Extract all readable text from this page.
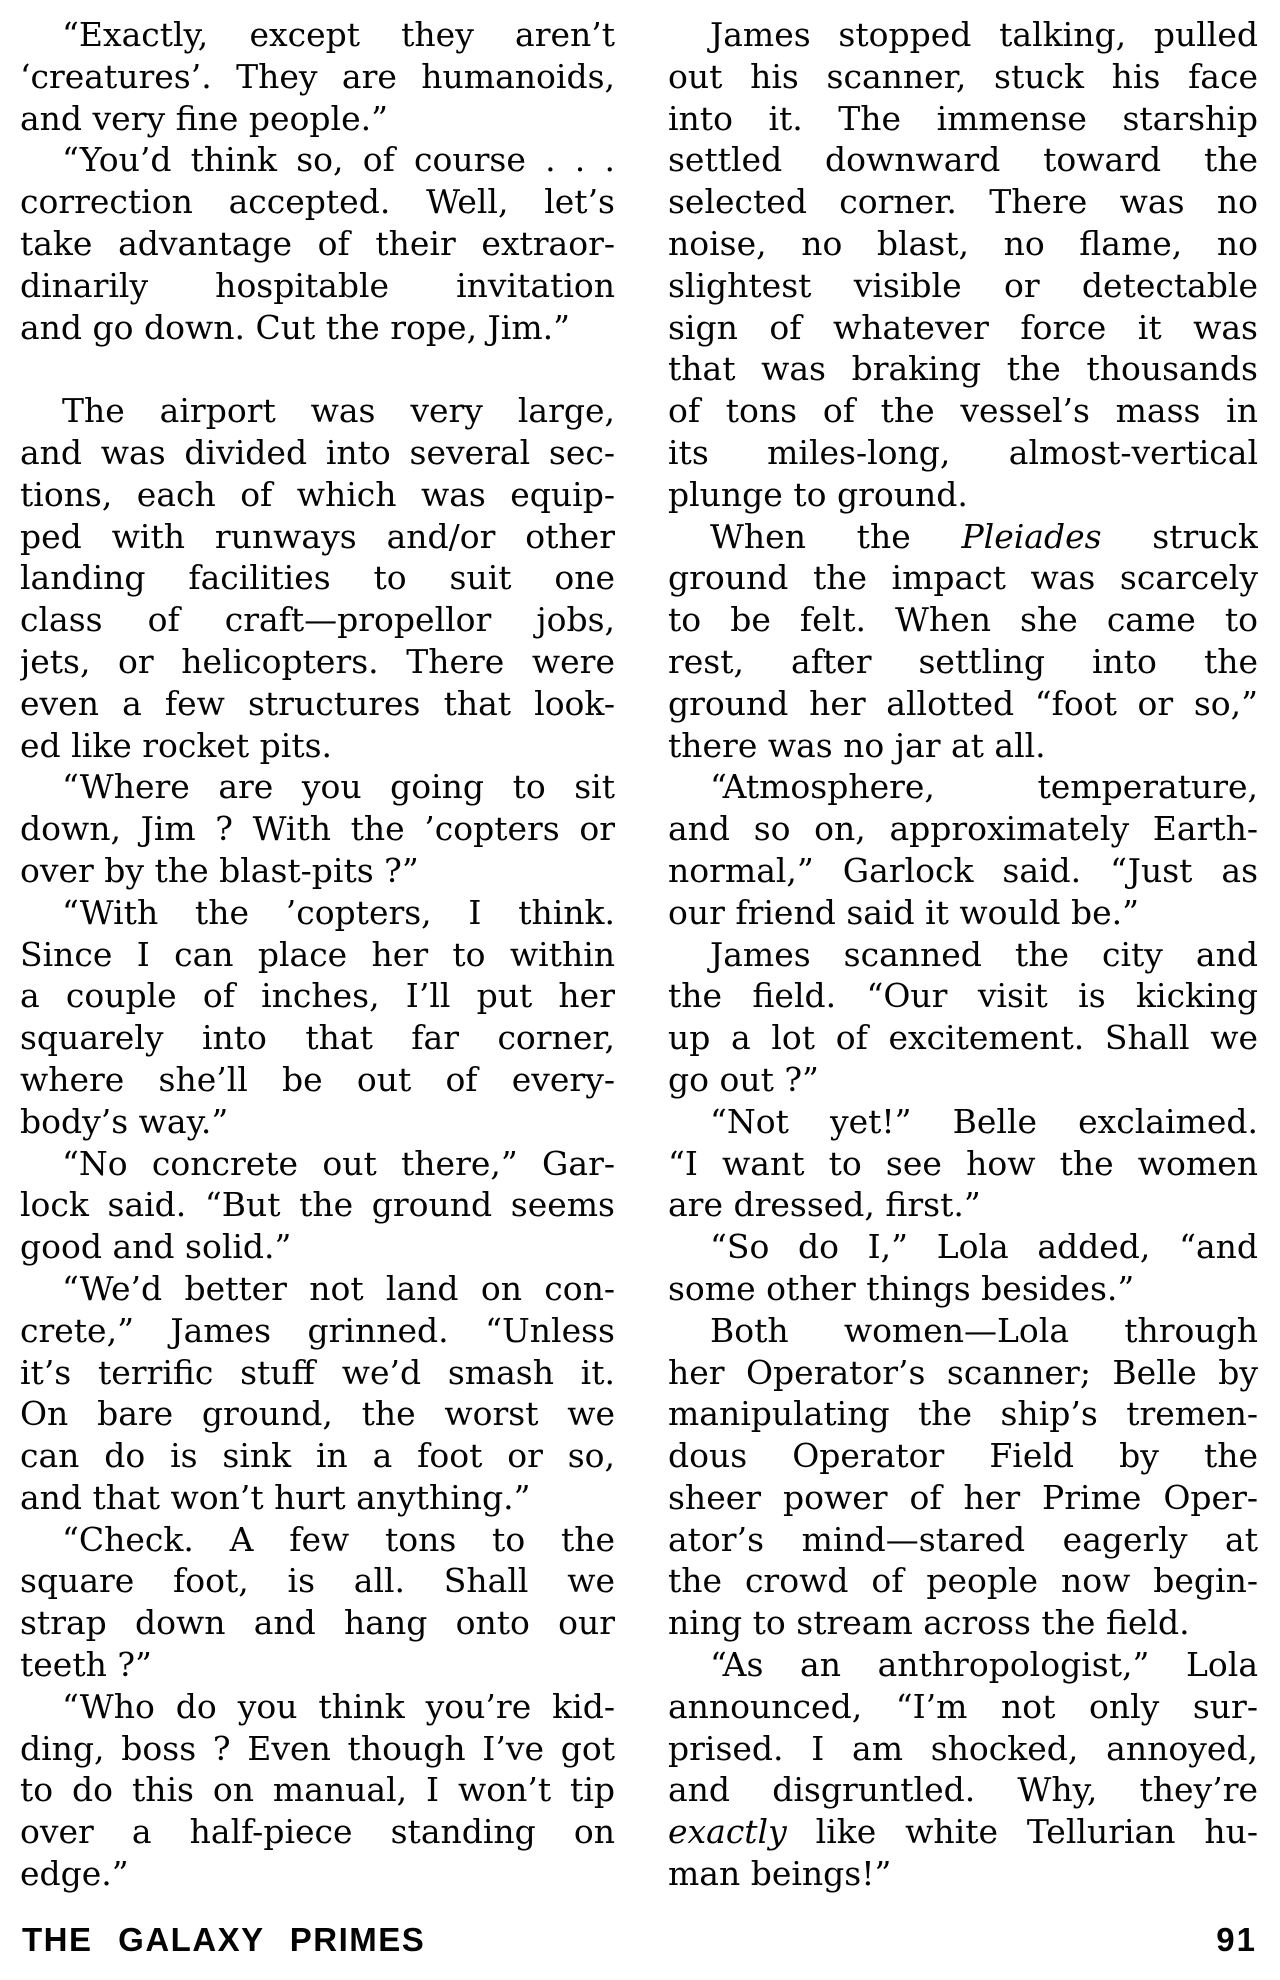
“Exactly, except they aren’t
‘creatures’. They are humanoids,
and very fine people.”
“You’d think so, of course . . .
correction accepted. Well, let’s
take advantage of their extraor-
dinarily hospitable invitation
and go down. Cut the rope, Jim.”
The airport was very large,
and was divided into several sec-
tions, each of which was equip-
ped with runways and/or other
landing facilities to suit one
class of craft—propellor jobs,
jets, or helicopters. There were
even a few structures that look-
ed like rocket pits.
“Where are you going to sit
down, Jim ? With the ’copters or
over by the blast-pits ?”
“With the ’copters, I think.
Since I can place her to within
a couple of inches, I’ll put her
squarely into that far corner,
where she’ll be out of every-
body’s way.”
“No concrete out there,” Gar-
lock said. “But the ground seems
good and solid.”
“We’d better not land on con-
crete,” James grinned. “Unless
it’s terrific stuff we’d smash it.
On bare ground, the worst we
can do is sink in a foot or so,
and that won’t hurt anything.”
“Check. A few tons to the
square foot, is all. Shall we
strap down and hang onto our
teeth ?”
“Who do you think you’re kid-
ding, boss ? Even though I’ve got
to do this on manual, I won’t tip
over a half-piece standing on
edge.”
James stopped talking, pulled
out his scanner, stuck his face
into it. The immense starship
settled downward toward the
selected corner. There was no
noise, no blast, no flame, no
slightest visible or detectable
sign of whatever force it was
that was braking the thousands
of tons of the vessel’s mass in
its miles-long, almost-vertical
plunge to ground.
When the Pleiades struck
ground the impact was scarcely
to be felt. When she came to
rest, after settling into the
ground her allotted “foot or so,”
there was no jar at all.
“Atmosphere, temperature,
and so on, approximately Earth-
normal,” Garlock said. “Just as
our friend said it would be.”
James scanned the city and
the field. “Our visit is kicking
up a lot of excitement. Shall we
go out ?”
“Not yet!” Belle exclaimed.
“I want to see how the women
are dressed, first.”
“So do I,” Lola added, “and
some other things besides.”
Both women—Lola through
her Operator’s scanner; Belle by
manipulating the ship’s tremen-
dous Operator Field by the
sheer power of her Prime Oper-
ator’s mind—stared eagerly at
the crowd of people now begin-
ning to stream across the field.
“As an anthropologist,” Lola
announced, “I’m not only sur-
prised. I am shocked, annoyed,
and disgruntled. Why, they’re
exactly like white Tellurian hu-
man beings!”
THE GALAXY PRIMES	91
